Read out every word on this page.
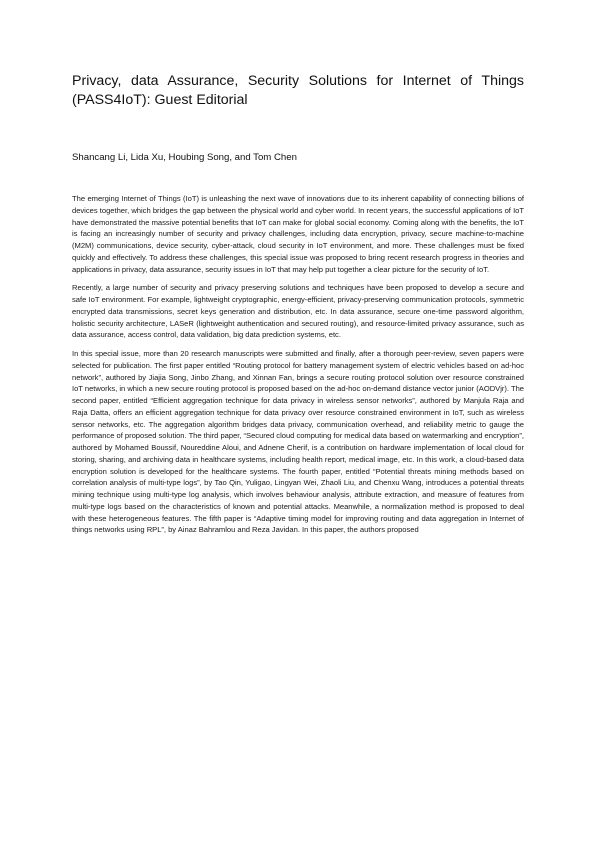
Privacy, data Assurance, Security Solutions for Internet of Things (PASS4IoT): Guest Editorial

Shancang Li, Lida Xu, Houbing Song, and Tom Chen

The emerging Internet of Things (IoT) is unleashing the next wave of innovations due to its inherent capability of connecting billions of devices together, which bridges the gap between the physical world and cyber world. In recent years, the successful applications of IoT have demonstrated the massive potential benefits that IoT can make for global social economy. Coming along with the benefits, the IoT is facing an increasingly number of security and privacy challenges, including data encryption, privacy, secure machine-to-machine (M2M) communications, device security, cyber-attack, cloud security in IoT environment, and more. These challenges must be fixed quickly and effectively. To address these challenges, this special issue was proposed to bring recent research progress in theories and applications in privacy, data assurance, security issues in IoT that may help put together a clear picture for the security of IoT.

Recently, a large number of security and privacy preserving solutions and techniques have been proposed to develop a secure and safe IoT environment. For example, lightweight cryptographic, energy-efficient, privacy-preserving communication protocols, symmetric encrypted data transmissions, secret keys generation and distribution, etc. In data assurance, secure one-time password algorithm, holistic security architecture, LASeR (lightweight authentication and secured routing), and resource-limited privacy assurance, such as data assurance, access control, data validation, big data prediction systems, etc.

In this special issue, more than 20 research manuscripts were submitted and finally, after a thorough peer-review, seven papers were selected for publication. The first paper entitled “Routing protocol for battery management system of electric vehicles based on ad-hoc network”, authored by Jiajia Song, Jinbo Zhang, and Xinnan Fan, brings a secure routing protocol solution over resource constrained IoT networks, in which a new secure routing protocol is proposed based on the ad-hoc on-demand distance vector junior (AODVjr). The second paper, entitled “Efficient aggregation technique for data privacy in wireless sensor networks”, authored by Manjula Raja and Raja Datta, offers an efficient aggregation technique for data privacy over resource constrained environment in IoT, such as wireless sensor networks, etc. The aggregation algorithm bridges data privacy, communication overhead, and reliability metric to gauge the performance of proposed solution. The third paper, “Secured cloud computing for medical data based on watermarking and encryption”, authored by Mohamed Boussif, Noureddine Aloui, and Adnene Cherif, is a contribution on hardware implementation of local cloud for storing, sharing, and archiving data in healthcare systems, including health report, medical image, etc. In this work, a cloud-based data encryption solution is developed for the healthcare systems. The fourth paper, entitled “Potential threats mining methods based on correlation analysis of multi-type logs”, by Tao Qin, Yuligao, Lingyan Wei, Zhaoli Liu, and Chenxu Wang, introduces a potential threats mining technique using multi-type log analysis, which involves behaviour analysis, attribute extraction, and measure of features from multi-type logs based on the characteristics of known and potential attacks. Meanwhile, a normalization method is proposed to deal with these heterogeneous features. The fifth paper is “Adaptive timing model for improving routing and data aggregation in Internet of things networks using RPL”, by Ainaz Bahramlou and Reza Javidan. In this paper, the authors proposed
